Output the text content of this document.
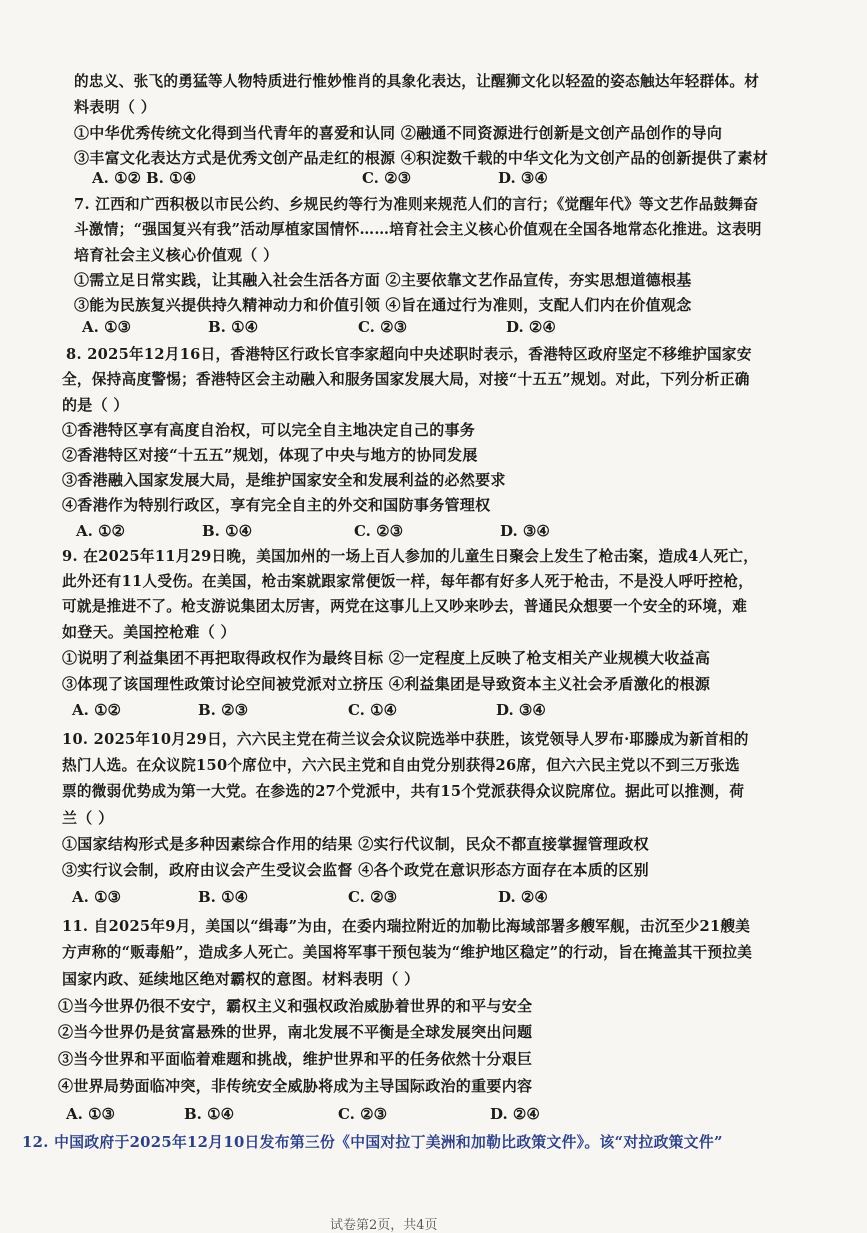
的忠义、张飞的勇猛等人物特质进行惟妙惟肖的具象化表达，让醒狮文化以轻盈的姿态触达年轻群体。材
料表明（ ）
①中华优秀传统文化得到当代青年的喜爱和认同 ②融通不同资源进行创新是文创产品创作的导向
③丰富文化表达方式是优秀文创产品走红的根源 ④积淀数千载的中华文化为文创产品的创新提供了素材
A. ①② B. ①④	C. ②③	D. ③④
7. 江西和广西积极以市民公约、乡规民约等行为准则来规范人们的言行；《觉醒年代》等文艺作品鼓舞奋
斗激情；“强国复兴有我”活动厚植家国情怀……培育社会主义核心价值观在全国各地常态化推进。这表明
培育社会主义核心价值观（ ）
①需立足日常实践，让其融入社会生活各方面 ②主要依靠文艺作品宣传，夯实思想道德根基
③能为民族复兴提供持久精神动力和价值引领 ④旨在通过行为准则，支配人们内在价值观念
A. ①③	B. ①④	C. ②③	D. ②④
8. 2025年12月16日，香港特区行政长官李家超向中央述职时表示，香港特区政府坚定不移维护国家安
全，保持高度警惕；香港特区会主动融入和服务国家发展大局，对接“十五五”规划。对此，下列分析正确
的是（ ）
①香港特区享有高度自治权，可以完全自主地决定自己的事务
②香港特区对接“十五五”规划，体现了中央与地方的协同发展
③香港融入国家发展大局，是维护国家安全和发展利益的必然要求
④香港作为特别行政区，享有完全自主的外交和国防事务管理权
A. ①②	B. ①④	C. ②③	D. ③④
9. 在2025年11月29日晚，美国加州的一场上百人参加的儿童生日聚会上发生了枪击案，造成4人死亡，
此外还有11人受伤。在美国，枪击案就跟家常便饭一样，每年都有好多人死于枪击，不是没人呼吁控枪，
可就是推进不了。枪支游说集团太厉害，两党在这事儿上又吵来吵去，普通民众想要一个安全的环境，难
如登天。美国控枪难（ ）
①说明了利益集团不再把取得政权作为最终目标 ②一定程度上反映了枪支相关产业规模大收益高
③体现了该国理性政策讨论空间被党派对立挤压 ④利益集团是导致资本主义社会矛盾激化的根源
A. ①②	B. ②③	C. ①④	D. ③④
10. 2025年10月29日，六六民主党在荷兰议会众议院选举中获胜，该党领导人罗布·耶滕成为新首相的
热门人选。在众议院150个席位中，六六民主党和自由党分别获得26席，但六六民主党以不到三万张选
票的微弱优势成为第一大党。在参选的27个党派中，共有15个党派获得众议院席位。据此可以推测，荷
兰（ ）
①国家结构形式是多种因素综合作用的结果 ②实行代议制，民众不都直接掌握管理政权
③实行议会制，政府由议会产生受议会监督 ④各个政党在意识形态方面存在本质的区别
A. ①③	B. ①④	C. ②③	D. ②④
11. 自2025年9月，美国以“缉毒”为由，在委内瑞拉附近的加勒比海域部署多艘军舰，击沉至少21艘美
方声称的“贩毒船”，造成多人死亡。美国将军事干预包装为“维护地区稳定”的行动，旨在掩盖其干预拉美
国家内政、延续地区绝对霸权的意图。材料表明（ ）
①当今世界仍很不安宁，霸权主义和强权政治威胁着世界的和平与安全
②当今世界仍是贫富悬殊的世界，南北发展不平衡是全球发展突出问题
③当今世界和平面临着难题和挑战，维护世界和平的任务依然十分艰巨
④世界局势面临冲突，非传统安全威胁将成为主导国际政治的重要内容
A. ①③	B. ①④	C. ②③	D. ②④
12. 中国政府于2025年12月10日发布第三份《中国对拉丁美洲和加勒比政策文件》。该“对拉政策文件”
试卷第2页，共4页
